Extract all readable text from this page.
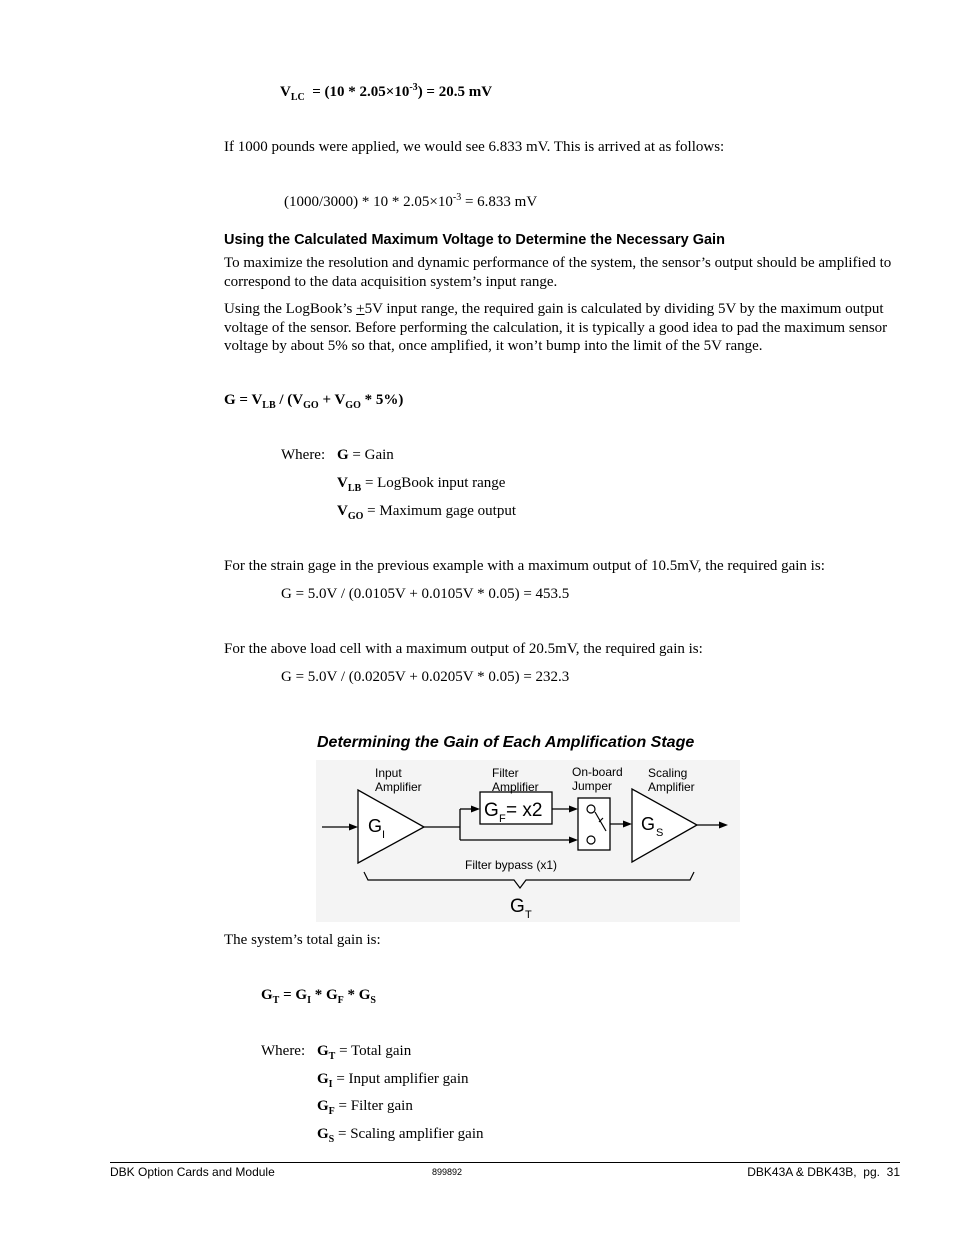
$V_{LC} = (10 * 2.05\times 10^{-3}) = 20.5$ mV
If 1000 pounds were applied, we would see 6.833 mV. This is arrived at as follows:
$(1000/3000) * 10 * 2.05\times 10^{-3} = 6.833$ mV
Using the Calculated Maximum Voltage to Determine the Necessary Gain
To maximize the resolution and dynamic performance of the system, the sensor’s output should be amplified to correspond to the data acquisition system’s input range.
Using the LogBook’s +5V input range, the required gain is calculated by dividing 5V by the maximum output voltage of the sensor. Before performing the calculation, it is typically a good idea to pad the maximum sensor voltage by about 5% so that, once amplified, it won’t bump into the limit of the 5V range.
$G = V_{LB} / (V_{GO} + V_{GO} * 5\%)$
Where: G = Gain
$V_{LB}$ = LogBook input range
$V_{GO}$ = Maximum gage output
For the strain gage in the previous example with a maximum output of 10.5mV, the required gain is:
G = 5.0V / (0.0105V + 0.0105V * 0.05) = 453.5
For the above load cell with a maximum output of 20.5mV, the required gain is:
G = 5.0V / (0.0205V + 0.0205V * 0.05) = 232.3
Determining the Gain of Each Amplification Stage
G I
Input
Amplifier
G F = x2
Filter
Amplifier
On-board
Jumper
G S
Scaling
Amplifier
Filter bypass (x1)
G T
The system’s total gain is:
$G_T = G_I * G_F * G_S$
Where: $G_T$ = Total gain
$G_I$ = Input amplifier gain
$G_F$ = Filter gain
$G_S$ = Scaling amplifier gain
DBK Option Cards and Module	899892	DBK43A & DBK43B,  pg.  31
